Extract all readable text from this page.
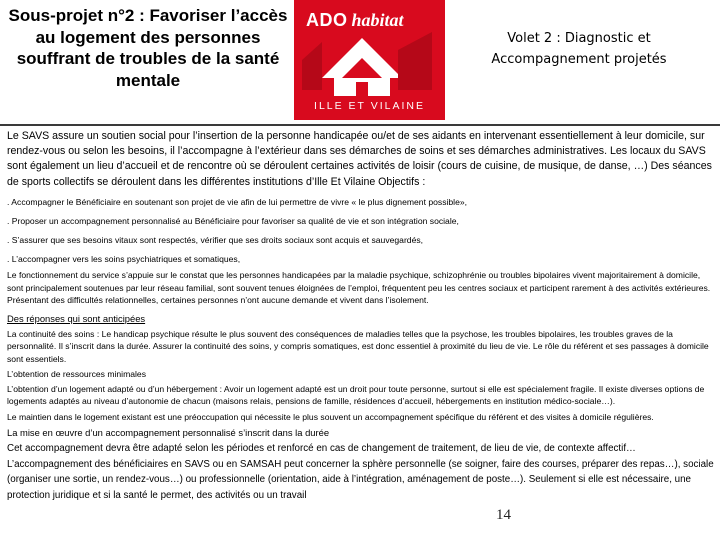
Sous-projet n°2 : Favoriser l’accès au logement des personnes souffrant de troubles de la santé mentale
ADO habitat
ILLE ET VILAINE
Volet 2 : Diagnostic et
Accompagnement projetés

Le SAVS assure un soutien social pour l’insertion de la personne handicapée ou/et de ses aidants en intervenant essentiellement à leur domicile, sur rendez-vous ou selon les besoins, il l’accompagne à l’extérieur dans ses démarches de soins et ses démarches administratives. Les locaux du SAVS sont également un lieu d’accueil et de rencontre où se déroulent certaines activités de loisir (cours de cuisine, de musique, de danse, …) Des séances de sports collectifs se déroulent dans les différentes institutions d’Ille Et Vilaine Objectifs :

. Accompagner le Bénéficiaire en soutenant son projet de vie afin de lui permettre de vivre « le plus dignement possible»,

. Proposer un accompagnement personnalisé au Bénéficiaire pour favoriser sa qualité de vie et son intégration sociale,

. S’assurer que ses besoins vitaux sont respectés, vérifier que ses droits sociaux sont acquis et sauvegardés,

. L’accompagner vers les soins psychiatriques et somatiques,

Le fonctionnement du service s’appuie sur le constat que les personnes handicapées par la maladie psychique, schizophrénie ou troubles bipolaires vivent majoritairement à domicile, sont principalement soutenues par leur réseau familial, sont souvent tenues éloignées de l’emploi, fréquentent peu les centres sociaux et participent rarement à des activités extérieures. Présentant des difficultés relationnelles, certaines personnes n’ont aucune demande et vivent dans l’isolement.

Des réponses qui sont anticipées

La continuité des soins : Le handicap psychique résulte le plus souvent des conséquences de maladies telles que la psychose, les troubles bipolaires, les troubles graves de la personnalité. Il s’inscrit dans la durée. Assurer la continuité des soins, y compris somatiques, est donc essentiel à proximité du lieu de vie. Le rôle du référent et ses passages à domicile sont essentiels.

L’obtention de ressources minimales

L’obtention d’un logement adapté ou d’un hébergement : Avoir un logement adapté est un droit pour toute personne, surtout si elle est spécialement fragile. Il existe diverses options de logements adaptés au niveau d’autonomie de chacun (maisons relais, pensions de famille, résidences d’accueil, hébergements en institution médico-sociale…).

Le maintien dans le logement existant est une préoccupation qui nécessite le plus souvent un accompagnement spécifique du référent et des visites à domicile régulières.

La mise en œuvre d’un accompagnement personnalisé s’inscrit dans la durée

Cet accompagnement devra être adapté selon les périodes et renforcé en cas de changement de traitement, de lieu de vie, de contexte affectif… L’accompagnement des bénéficiaires en SAVS ou en SAMSAH peut concerner la sphère personnelle (se soigner, faire des courses, préparer des repas…), sociale (organiser une sortie, un rendez-vous…) ou professionnelle (orientation, aide à l’intégration, aménagement de poste…). Seulement si elle est nécessaire, une protection juridique et si la santé le permet, des activités ou un travail

14
